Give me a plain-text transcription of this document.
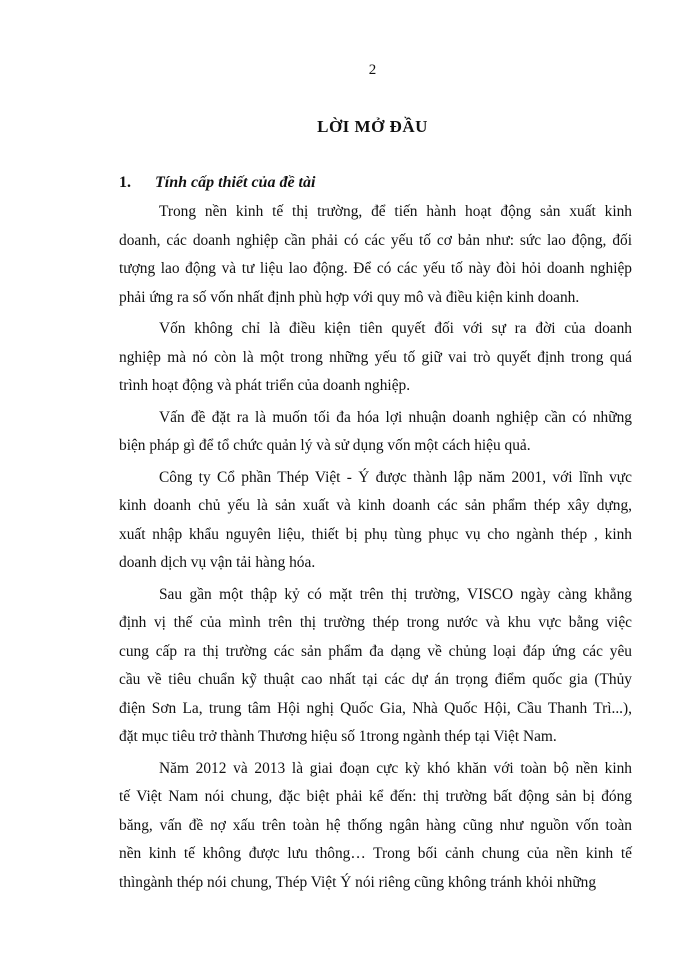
2
LỜI MỞ ĐẦU
1. Tính cấp thiết của đề tài
Trong nền kinh tế thị trường, để tiến hành hoạt động sản xuất kinh
doanh, các doanh nghiệp cần phải có các yếu tố cơ bản như: sức lao động, đối
tượng lao động và tư liệu lao động. Để có các yếu tố này đòi hỏi doanh nghiệp
phải ứng ra số vốn nhất định phù hợp với quy mô và điều kiện kinh doanh.
Vốn không chỉ là điều kiện tiên quyết đối với sự ra đời của doanh
nghiệp mà nó còn là một trong những yếu tố giữ vai trò quyết định trong quá
trình hoạt động và phát triển của doanh nghiệp.
Vấn đề đặt ra là muốn tối đa hóa lợi nhuận doanh nghiệp cần có những
biện pháp gì để tổ chức quản lý và sử dụng vốn một cách hiệu quả.
Công ty Cổ phần Thép Việt - Ý được thành lập năm 2001, với lĩnh vực
kinh doanh chủ yếu là sản xuất và kinh doanh các sản phẩm thép xây dựng,
xuất nhập khẩu nguyên liệu, thiết bị phụ tùng phục vụ cho ngành thép , kinh
doanh dịch vụ vận tải hàng hóa.
Sau gần một thập kỷ có mặt trên thị trường, VISCO ngày càng khẳng
định vị thế của mình trên thị trường thép trong nước và khu vực bằng việc
cung cấp ra thị trường các sản phẩm đa dạng về chủng loại đáp ứng các yêu
cầu về tiêu chuẩn kỹ thuật cao nhất tại các dự án trọng điểm quốc gia (Thủy
điện Sơn La, trung tâm Hội nghị Quốc Gia, Nhà Quốc Hội, Cầu Thanh Trì...),
đặt mục tiêu trở thành Thương hiệu số 1trong ngành thép tại Việt Nam.
Năm 2012 và 2013 là giai đoạn cực kỳ khó khăn với toàn bộ nền kinh
tế Việt Nam nói chung, đặc biệt phải kể đến: thị trường bất động sản bị đóng
băng, vấn đề nợ xấu trên toàn hệ thống ngân hàng cũng như nguồn vốn toàn
nền kinh tế không được lưu thông… Trong bối cảnh chung của nền kinh tế
thìngành thép nói chung, Thép Việt Ý nói riêng cũng không tránh khỏi những
